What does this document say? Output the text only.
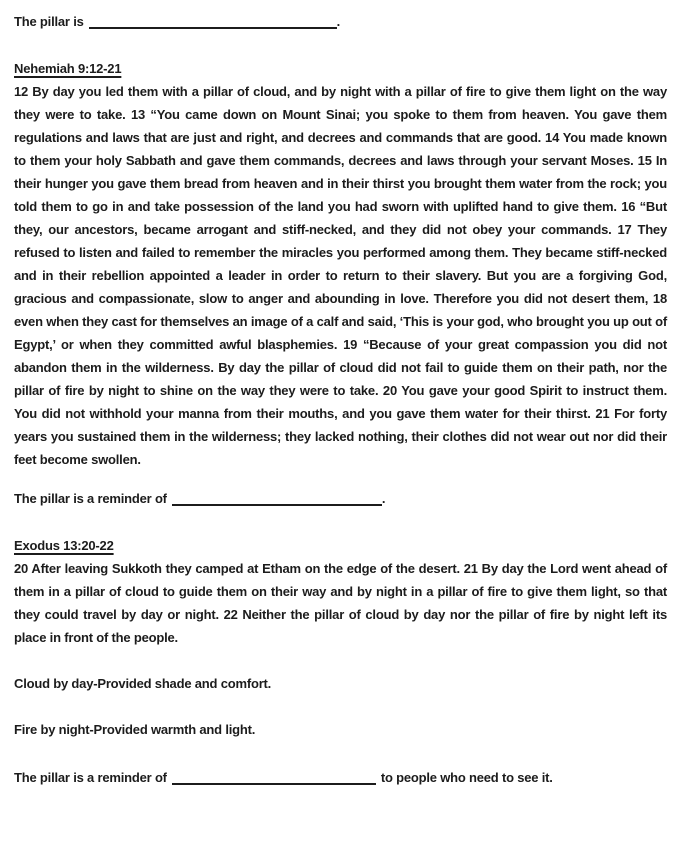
The pillar is	.

Nehemiah 9:12-21

12 By day you led them with a pillar of cloud, and by night with a pillar of fire to give them light on the way they were to take. 13 “You came down on Mount Sinai; you spoke to them from heaven. You gave them regulations and laws that are just and right, and decrees and commands that are good. 14 You made known to them your holy Sabbath and gave them commands, decrees and laws through your servant Moses. 15 In their hunger you gave them bread from heaven and in their thirst you brought them water from the rock; you told them to go in and take possession of the land you had sworn with uplifted hand to give them. 16 “But they, our ancestors, became arrogant and stiff-necked, and they did not obey your commands. 17 They refused to listen and failed to remember the miracles you performed among them. They became stiff-necked and in their rebellion appointed a leader in order to return to their slavery. But you are a forgiving God, gracious and compassionate, slow to anger and abounding in love. Therefore you did not desert them, 18 even when they cast for themselves an image of a calf and said, ‘This is your god, who brought you up out of Egypt,’ or when they committed awful blasphemies. 19 “Because of your great compassion you did not abandon them in the wilderness. By day the pillar of cloud did not fail to guide them on their path, nor the pillar of fire by night to shine on the way they were to take. 20 You gave your good Spirit to instruct them. You did not withhold your manna from their mouths, and you gave them water for their thirst. 21 For forty years you sustained them in the wilderness; they lacked nothing, their clothes did not wear out nor did their feet become swollen.

The pillar is a reminder of	.

Exodus 13:20-22

20 After leaving Sukkoth they camped at Etham on the edge of the desert. 21 By day the Lord went ahead of them in a pillar of cloud to guide them on their way and by night in a pillar of fire to give them light, so that they could travel by day or night. 22 Neither the pillar of cloud by day nor the pillar of fire by night left its place in front of the people.

Cloud by day-Provided shade and comfort.

Fire by night-Provided warmth and light.

The pillar is a reminder of	to people who need to see it.
